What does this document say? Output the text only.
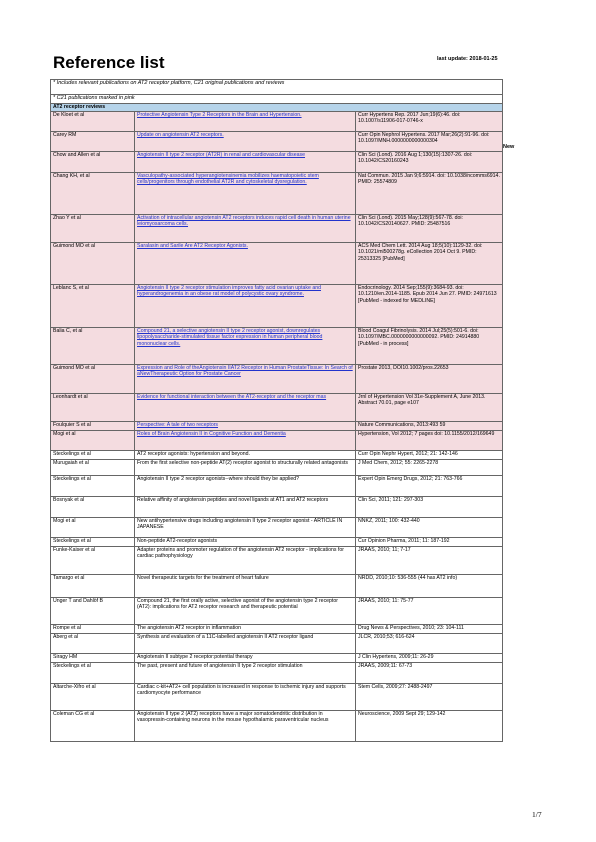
Reference list	last update: 2018-01-25
New
* Includes relevant publications on AT2 receptor platform, C21 original publications and reviews		
* C21 publications marked in pink		
AT2 receptor reviews		
De Kloet et al	Protective Angiotensin Type 2 Receptors in the Brain and Hypertension.	Curr Hypertens Rep. 2017 Jun;19(6):46. doi: 10.1007/s11906-017-0746-x
Carey RM	Update on angiotensin AT2 receptors.	Curr Opin Nephrol Hypertens. 2017 Mar;26(2):91-96. doi: 10.1097/MNH.0000000000000304
Chow and Allen et al	Angiotensin II type 2 receptor (AT2R) in renal and cardiovascular disease	Clin Sci (Lond). 2016 Aug 1;130(15):1307-26. doi: 10.1042/CS20160243
Chang KH, et al	Vasculopathy-associated hyperangiotensinemia mobilizes haematopoietic stem cells/progenitors through endothelial AT2R and cytoskeletal dysregulation.	Nat Commun. 2015 Jan 9;6:5914. doi: 10.1038/ncomms6914. PMID: 25574809
Zhao Y et al	Activation of intracellular angiotensin AT2 receptors induces rapid cell death in human uterine leiomyosarcoma cells.	Clin Sci (Lond). 2015 May;128(9):567-78. doi: 10.1042/CS20140627. PMID: 25487516
Guimond MO et al	Saralasin and Sarile Are AT2 Receptor Agonists.	ACS Med Chem Lett. 2014 Aug 18;5(10):1129-32. doi: 10.1021/ml500278g. eCollection 2014 Oct 9. PMID: 25313325 [PubMed]
Leblanc S, et al	Angiotensin II type 2 receptor stimulation improves fatty acid ovarian uptake and hyperandrogenemia in an obese rat model of polycystic ovary syndrome.	Endocrinology. 2014 Sep;155(9):3684-93. doi: 10.1210/en.2014-1185. Epub 2014 Jun 27. PMID: 24971613 [PubMed - indexed for MEDLINE]
Balia C, et al	Compound 21, a selective angiotensin II type 2 receptor agonist, downregulates lipopolysaccharide-stimulated tissue factor expression in human peripheral blood mononuclear cells.	Blood Coagul Fibrinolysis. 2014 Jul;25(5):501-6. doi: 10.1097/MBC.0000000000000092. PMID: 24914880 [PubMed - in process]
Guimond MO et al	Expression and Role of theAngiotensin IIAT2 Receptor in Human ProstateTissue: In Search of aNewTherapeutic Option for Prostate Cancer	Prostate 2013, DOI10.1002/pros.22653
Leonhardt et al	Evidence for functional interaction between the AT2-receptor and the receptor mas	Jrnl of Hypertension Vol 31e-Supplement A, June 2013. Abstract 70.01, page e107
Foulquier S et al	Perspective: A tale of two receptors	Nature Communications, 2013:493 59
Mogi et al	Roles of Brain Angiotensin II in Cognitive Function and Dementia	Hypertension, Vol 2012; 7 pages doi: 10.1155/2012/169649
Steckelings et al	AT2 receptor agonists: hypertension and beyond.	Curr Opin Nephr Hypert, 2012; 21: 142-146
Murugaiah et al	From the first selective non-peptide AT(2) receptor agonist to structurally related antagonists	J Med Chem, 2012; 55: 2265-2278
Steckelings et al	Angiotensin II type 2 receptor agonists--where should they be applied?	Expert Opin Emerg Drugs, 2012; 21: 763-766
Bosnyak et al	Relative affinity of angiotensin peptides and novel ligands at AT1 and AT2 receptors	Clin Sci, 2011; 121: 297-303
Mogi et al	New antihypertensive drugs including angiotensin II type 2 receptor agonist - ARTICLE IN JAPANESE	NNKZ, 2011; 100: 432-440
Steckelings et al	Non-peptide AT2-receptor agonists	Cur Opinion Pharma, 2011; 11: 187-192
Funke-Kaiser et al	Adapter proteins and promoter regulation of the angiotensin AT2 receptor - implications for cardiac pathophysiology	JRAAS, 2010; 11; 7-17
Tamargo et al	Novel therapeutic targets for the treatment of heart failure	NRDD, 2010;10: 536-555 (44 has AT2 info)
Unger T and Dahlöf B	Compound 21, the first orally active, selective agonist of the angiotensin type 2 receptor (AT2): implications for AT2 receptor research and therapeutic potential	JRAAS, 2010; 11: 75-77
Rompe et al	The angiotensin AT2 receptor in inflammation	Drug News & Perspectives, 2010; 23: 104-111
Åberg et al	Synthesis and evaluation of a 11C-labelled angiotensin II AT2 receptor ligand	JLCR, 2010;53; 616-624
Siragy HM	Angiotensin II subtype 2 receptor:potential therapy	J Clin Hypertens, 2009;11: 26-29
Steckelings et al	The past, present and future of angiotensin II type 2 receptor stimulation	JRAAS, 2009;11: 67-73
Altarche-Xifro et al	Cardiac c-kit+AT2+ cell population is increased in response to ischemic injury and supports cardiomyocyte performance	Stem Cells, 2009;27: 2488-2497
Coleman CG et al	Angiotensin II type 2 (AT2) receptors have a major somatodendritic distribution in vasopressin-containing neurons in the mouse hypothalamic paraventricular nucleus	Neuroscience, 2009 Sept 29; 129-142
1/7
